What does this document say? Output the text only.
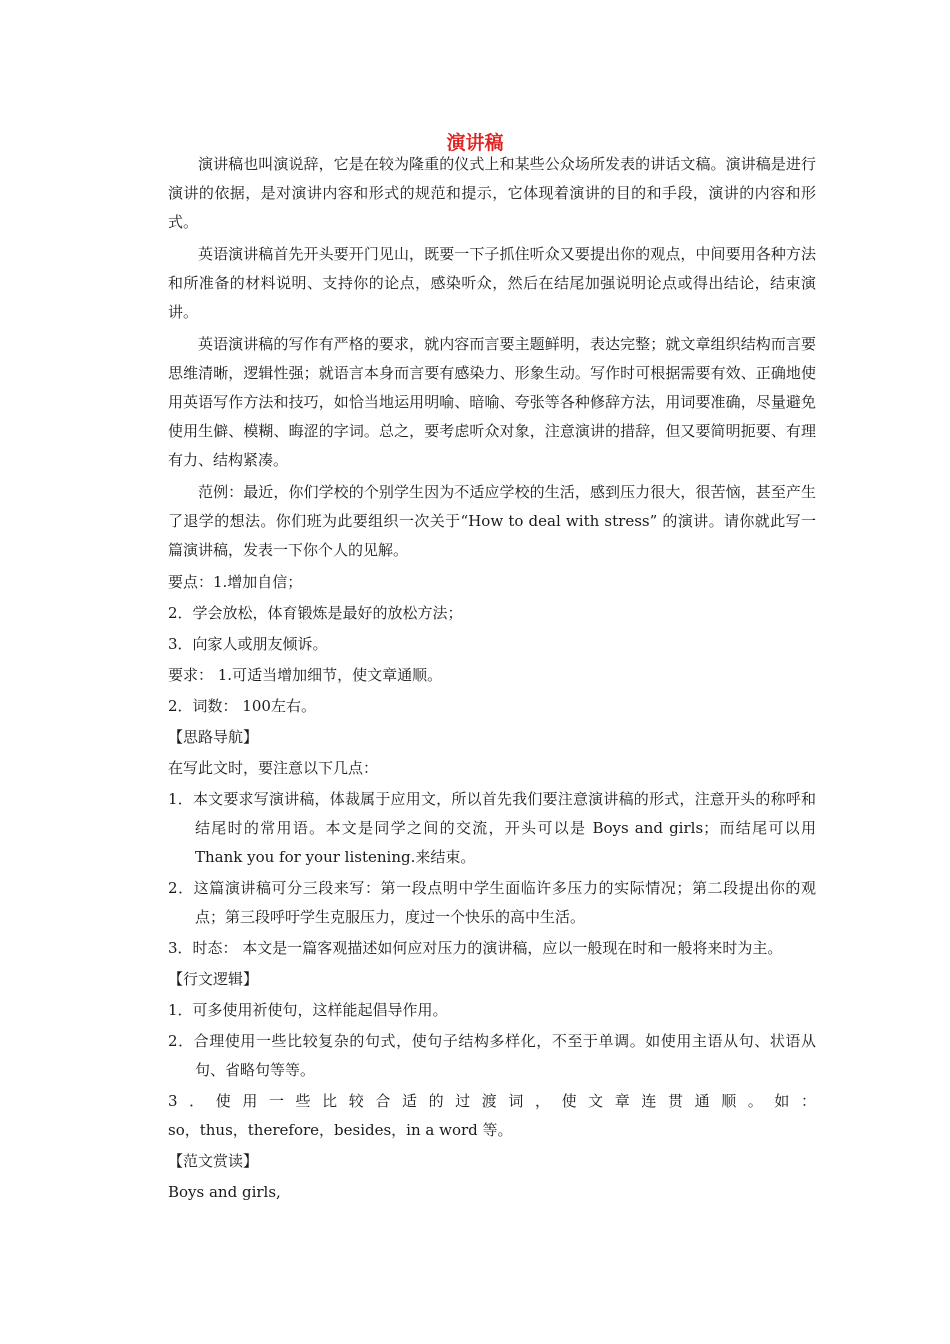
演讲稿

演讲稿也叫演说辞，它是在较为隆重的仪式上和某些公众场所发表的讲话文稿。演讲稿是进行演讲的依据，是对演讲内容和形式的规范和提示，它体现着演讲的目的和手段，演讲的内容和形式。

英语演讲稿首先开头要开门见山，既要一下子抓住听众又要提出你的观点，中间要用各种方法和所准备的材料说明、支持你的论点，感染听众，然后在结尾加强说明论点或得出结论，结束演讲。

英语演讲稿的写作有严格的要求，就内容而言要主题鲜明，表达完整；就文章组织结构而言要思维清晰，逻辑性强；就语言本身而言要有感染力、形象生动。写作时可根据需要有效、正确地使用英语写作方法和技巧，如恰当地运用明喻、暗喻、夸张等各种修辞方法，用词要准确，尽量避免使用生僻、模糊、晦涩的字词。总之，要考虑听众对象，注意演讲的措辞，但又要简明扼要、有理有力、结构紧凑。

范例：最近，你们学校的个别学生因为不适应学校的生活，感到压力很大，很苦恼，甚至产生了退学的想法。你们班为此要组织一次关于“How to deal with stress” 的演讲。请你就此写一篇演讲稿，发表一下你个人的见解。

要点：1.增加自信；

2．学会放松，体育锻炼是最好的放松方法；

3．向家人或朋友倾诉。

要求： 1.可适当增加细节，使文章通顺。

2．词数： 100左右。

【思路导航】

在写此文时，要注意以下几点：

1．本文要求写演讲稿，体裁属于应用文，所以首先我们要注意演讲稿的形式，注意开头的称呼和结尾时的常用语。本文是同学之间的交流，开头可以是 Boys and girls；而结尾可以用Thank you for your listening.来结束。

2．这篇演讲稿可分三段来写：第一段点明中学生面临许多压力的实际情况；第二段提出你的观点；第三段呼吁学生克服压力，度过一个快乐的高中生活。

3．时态： 本文是一篇客观描述如何应对压力的演讲稿，应以一般现在时和一般将来时为主。

【行文逻辑】

1．可多使用祈使句，这样能起倡导作用。

2．合理使用一些比较复杂的句式，使句子结构多样化，不至于单调。如使用主语从句、状语从句、省略句等等。

3．使用一些比较合适的过渡词，使文章连贯通顺。如：
so，thus，therefore，besides，in a word 等。

【范文赏读】

Boys and girls,
